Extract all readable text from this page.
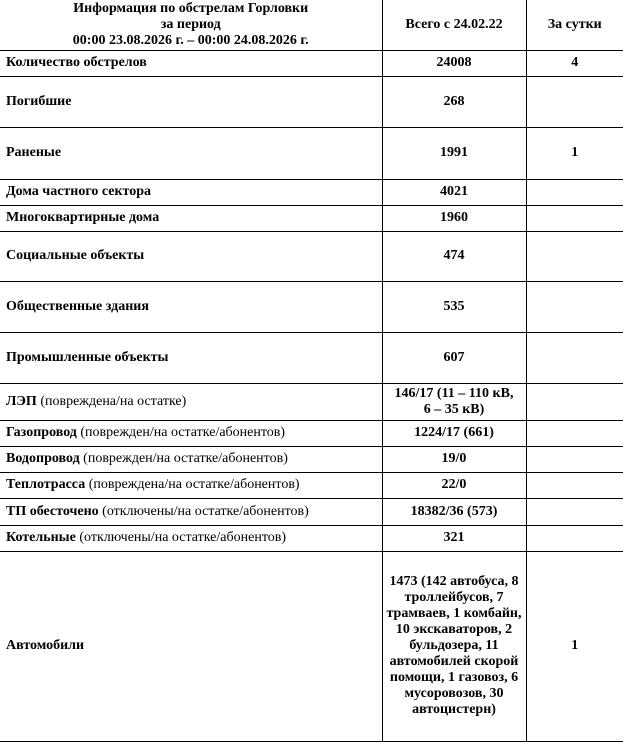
Информация по обстрелам Горловки
за период
00:00 23.08.2026 г. – 00:00 24.08.2026 г.	Всего с 24.02.22	За сутки
Количество обстрелов	24008	4
Погибшие	268	
Раненые	1991	1
Дома частного сектора	4021	
Многоквартирные дома	1960	
Социальные объекты	474	
Общественные здания	535	
Промышленные объекты	607	
ЛЭП (повреждена/на остатке)	146/17 (11 – 110 кВ,
6 – 35 кВ)	

Газопровод (поврежден/на остатке/абонентов)	1224/17 (661)	
Водопровод (поврежден/на остатке/абонентов)	19/0	
Теплотрасса (повреждена/на остатке/абонентов)	22/0	
ТП обесточено (отключены/на остатке/абонентов)	18382/36 (573)	
Котельные (отключены/на остатке/абонентов)	321	
Автомобили	1473 (142 автобуса, 8 троллейбусов, 7 трамваев, 1 комбайн, 10 экскаваторов, 2 бульдозера, 11 автомобилей скорой помощи, 1 газовоз, 6 мусоровозов, 30 автоцистерн)	1
